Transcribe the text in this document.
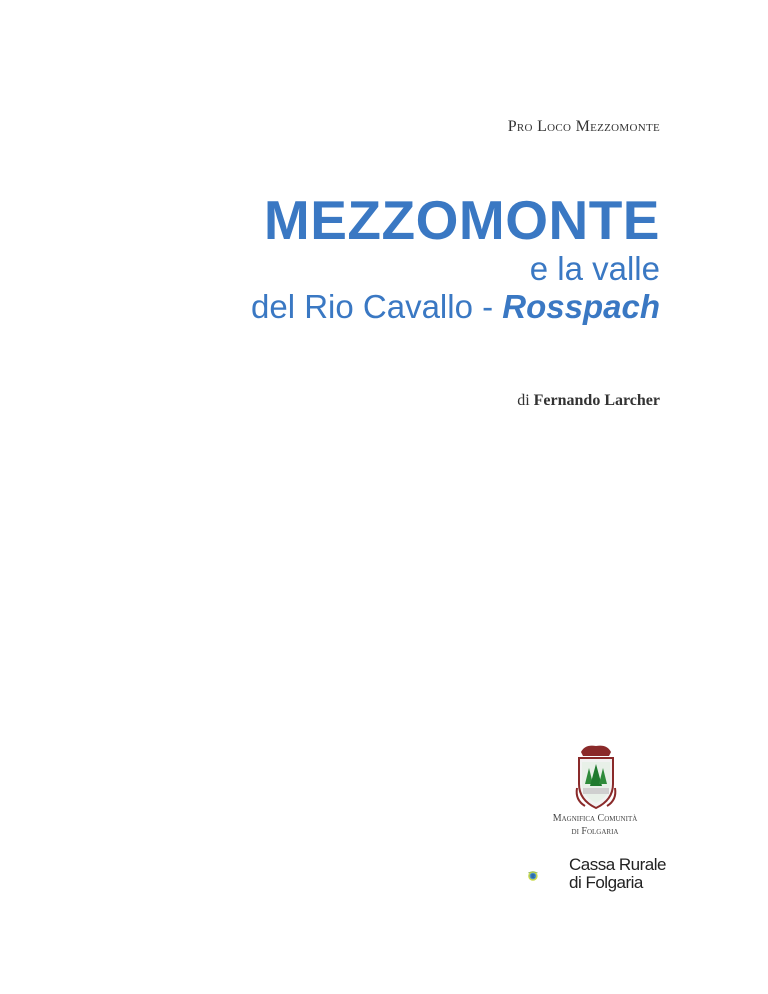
Pro Loco Mezzomonte
MEZZOMONTE
e la valle
del Rio Cavallo - Rosspach
di Fernando Larcher
Magnifica Comunità
di Folgaria
Cassa Rurale
di Folgaria
